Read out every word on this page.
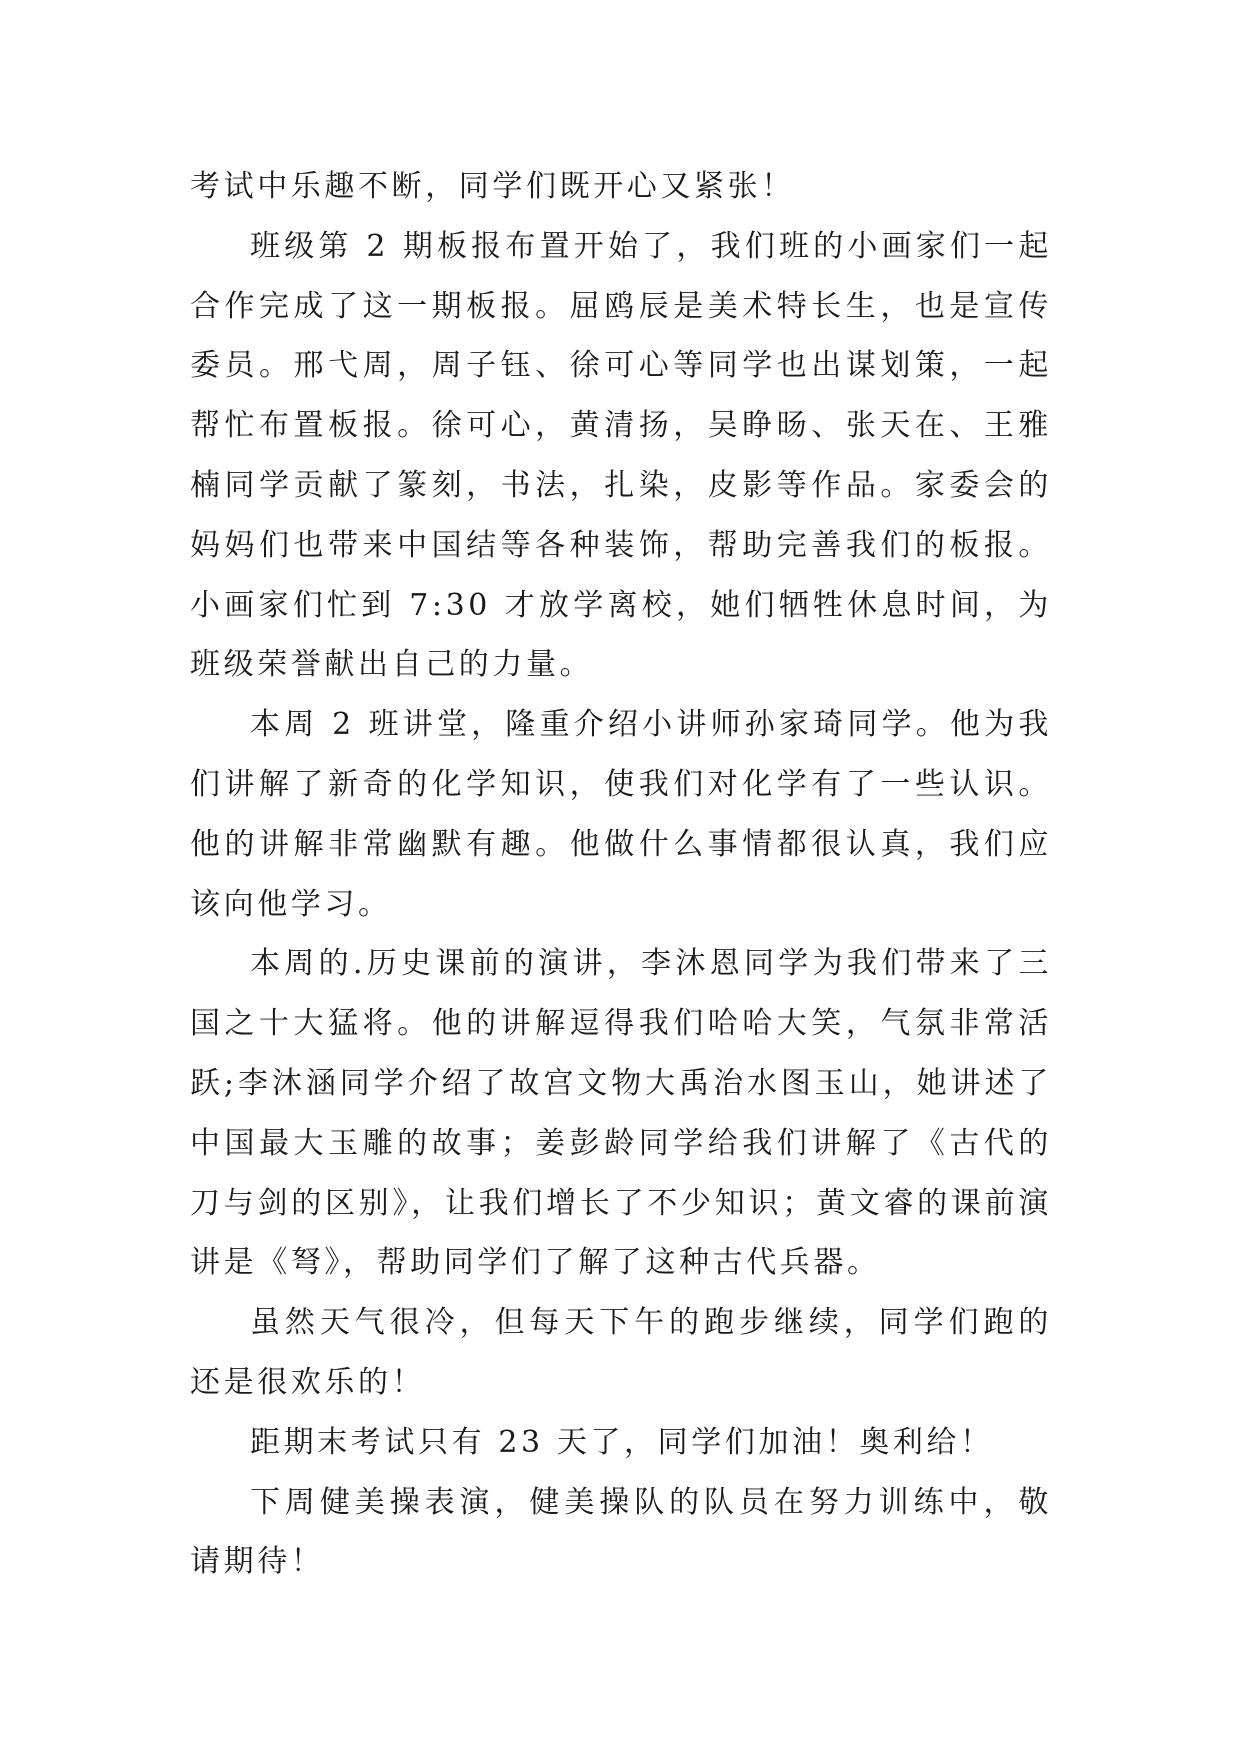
考试中乐趣不断，同学们既开心又紧张！

班级第 2 期板报布置开始了，我们班的小画家们一起合作完成了这一期板报。屈鸥辰是美术特长生，也是宣传委员。邢弋周，周子钰、徐可心等同学也出谋划策，一起帮忙布置板报。徐可心，黄清扬，吴睁旸、张天在、王雅楠同学贡献了篆刻，书法，扎染，皮影等作品。家委会的妈妈们也带来中国结等各种装饰，帮助完善我们的板报。小画家们忙到 7:30 才放学离校，她们牺牲休息时间，为班级荣誉献出自己的力量。

本周 2 班讲堂，隆重介绍小讲师孙家琦同学。他为我们讲解了新奇的化学知识，使我们对化学有了一些认识。他的讲解非常幽默有趣。他做什么事情都很认真，我们应该向他学习。

本周的.历史课前的演讲，李沐恩同学为我们带来了三国之十大猛将。他的讲解逗得我们哈哈大笑，气氛非常活跃;李沐涵同学介绍了故宫文物大禹治水图玉山，她讲述了中国最大玉雕的故事；姜彭龄同学给我们讲解了《古代的刀与剑的区别》，让我们增长了不少知识；黄文睿的课前演讲是《弩》，帮助同学们了解了这种古代兵器。

虽然天气很冷，但每天下午的跑步继续，同学们跑的还是很欢乐的！

距期末考试只有 23 天了，同学们加油！奥利给！

下周健美操表演，健美操队的队员在努力训练中，敬请期待！
